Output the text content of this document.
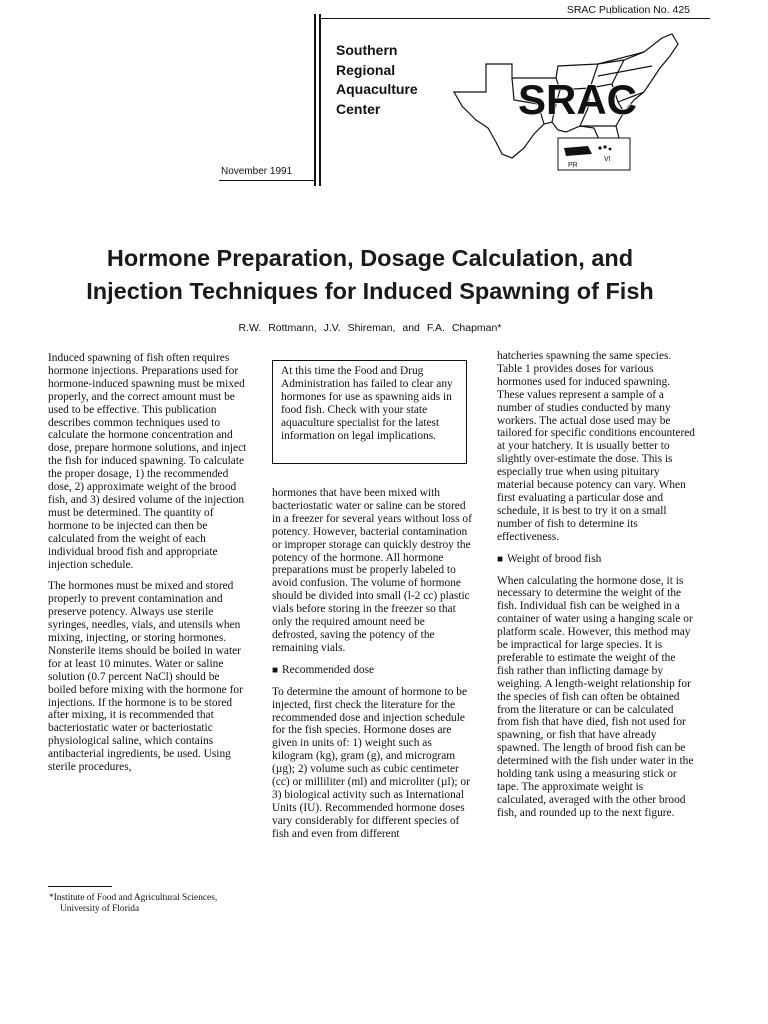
SRAC Publication No. 425
Southern
Regional
Aquaculture
Center	SRAC
PR
VI
November 1991
Hormone Preparation, Dosage Calculation, and
Injection Techniques for Induced Spawning of Fish
R.W. Rottmann, J.V. Shireman, and F.A. Chapman*

Induced spawning of fish often requires hormone injections. Preparations used for hormone-induced spawning must be mixed properly, and the correct amount must be used to be effective. This publication describes common techniques used to calculate the hormone concentration and dose, prepare hormone solutions, and inject the fish for induced spawning. To calculate the proper dosage, 1) the recommended dose, 2) approximate weight of the brood fish, and 3) desired volume of the injection must be determined. The quantity of hormone to be injected can then be calculated from the weight of each individual brood fish and appropriate injection schedule.

The hormones must be mixed and stored properly to prevent contamination and preserve potency. Always use sterile syringes, needles, vials, and utensils when mixing, injecting, or storing hormones. Nonsterile items should be boiled in water for at least 10 minutes. Water or saline solution (0.7 percent NaCl) should be boiled before mixing with the hormone for injections. If the hormone is to be stored after mixing, it is recommended that bacteriostatic water or bacteriostatic physiological saline, which contains antibacterial ingredients, be used. Using sterile procedures,

At this time the Food and Drug Administration has failed to clear any hormones for use as spawning aids in food fish. Check with your state aquaculture specialist for the latest information on legal implications.

hormones that have been mixed with bacteriostatic water or saline can be stored in a freezer for several years without loss of potency. However, bacterial contamination or improper storage can quickly destroy the potency of the hormone. All hormone preparations must be properly labeled to avoid confusion. The volume of hormone should be divided into small (l-2 cc) plastic vials before storing in the freezer so that only the required amount need be defrosted, saving the potency of the remaining vials.

■ Recommended dose

To determine the amount of hormone to be injected, first check the literature for the recommended dose and injection schedule for the fish species. Hormone doses are given in units of: 1) weight such as kilogram (kg), gram (g), and microgram (µg); 2) volume such as cubic centimeter (cc) or milliliter (ml) and microliter (µl); or 3) biological activity such as International Units (IU). Recommended hormone doses vary considerably for different species of fish and even from different

hatcheries spawning the same species. Table 1 provides doses for various hormones used for induced spawning. These values represent a sample of a number of studies conducted by many workers. The actual dose used may be tailored for specific conditions encountered at your hatchery. It is usually better to slightly over-estimate the dose. This is especially true when using pituitary material because potency can vary. When first evaluating a particular dose and schedule, it is best to try it on a small number of fish to determine its effectiveness.

■ Weight of brood fish

When calculating the hormone dose, it is necessary to determine the weight of the fish. Individual fish can be weighed in a container of water using a hanging scale or platform scale. However, this method may be impractical for large species. It is preferable to estimate the weight of the fish rather than inflicting damage by weighing. A length-weight relationship for the species of fish can often be obtained from the literature or can be calculated from fish that have died, fish not used for spawning, or fish that have already spawned. The length of brood fish can be determined with the fish under water in the holding tank using a measuring stick or tape. The approximate weight is calculated, averaged with the other brood fish, and rounded up to the next figure.

*Institute of Food and Agricultural Sciences,
University of Florida
